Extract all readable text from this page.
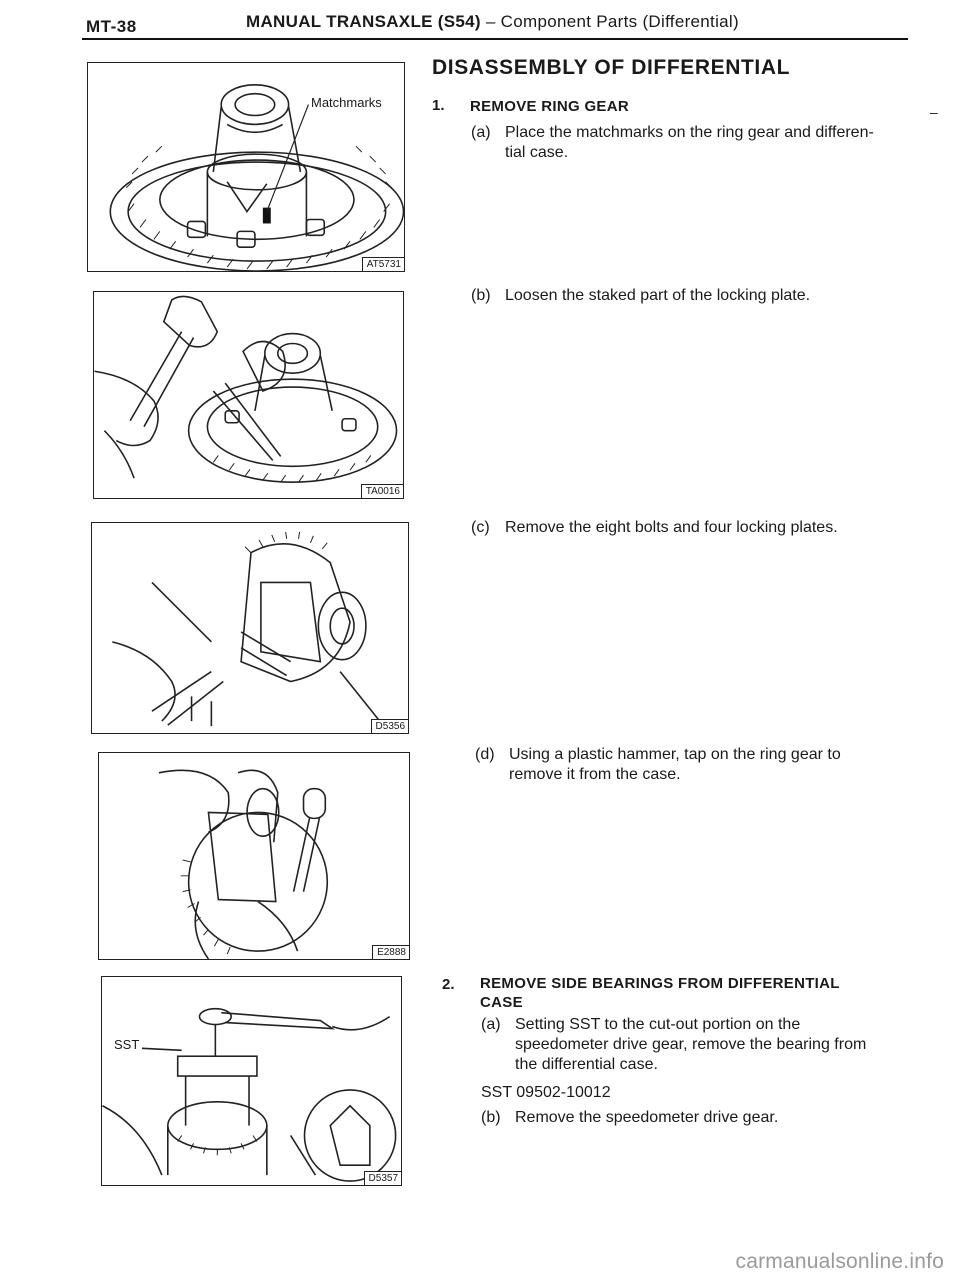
MT-38	MANUAL TRANSAXLE (S54) – Component Parts (Differential)
Matchmarks
AT5731
TA0016
D5356
E2888
SST
D5357
DISASSEMBLY OF DIFFERENTIAL
1. REMOVE RING GEAR
(a) Place the matchmarks on the ring gear and differen-
tial case.
–
(b) Loosen the staked part of the locking plate.
(c) Remove the eight bolts and four locking plates.
(d) Using a plastic hammer, tap on the ring gear to
remove it from the case.
2. REMOVE SIDE BEARINGS FROM DIFFERENTIAL
CASE
(a) Setting SST to the cut-out portion on the
speedometer drive gear, remove the bearing from
the differential case.
SST 09502-10012
(b) Remove the speedometer drive gear.
carmanualsonline.info
